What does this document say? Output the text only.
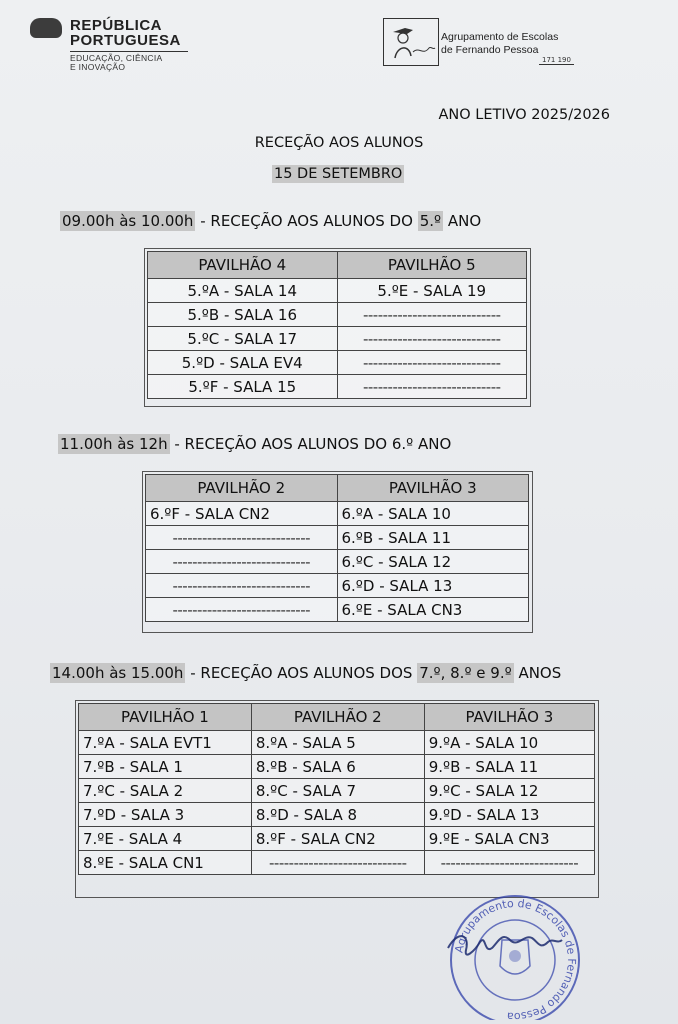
REPÚBLICA
PORTUGUESA
EDUCAÇÃO, CIÊNCIA
E INOVAÇÃO
Agrupamento de Escolas
de Fernando Pessoa
171 190
ANO LETIVO 2025/2026
RECEÇÃO AOS ALUNOS
15 DE SETEMBRO
09.00h às 10.00h - RECEÇÃO AOS ALUNOS DO 5.º ANO
PAVILHÃO 4	PAVILHÃO 5
5.ºA - SALA 14	5.ºE - SALA 19
5.ºB - SALA 16	----------------------------
5.ºC - SALA 17	----------------------------
5.ºD - SALA EV4	----------------------------
5.ºF - SALA 15	----------------------------
11.00h às 12h - RECEÇÃO AOS ALUNOS DO 6.º ANO
PAVILHÃO 2	PAVILHÃO 3
6.ºF - SALA CN2	6.ºA - SALA 10
----------------------------	6.ºB - SALA 11
----------------------------	6.ºC - SALA 12
----------------------------	6.ºD - SALA 13
----------------------------	6.ºE - SALA CN3
14.00h às 15.00h - RECEÇÃO AOS ALUNOS DOS 7.º, 8.º e 9.º ANOS
PAVILHÃO 1	PAVILHÃO 2	PAVILHÃO 3
7.ºA - SALA EVT1	8.ºA - SALA 5	9.ºA - SALA 10
7.ºB - SALA 1	8.ºB - SALA 6	9.ºB - SALA 11
7.ºC - SALA 2	8.ºC - SALA 7	9.ºC - SALA 12
7.ºD - SALA 3	8.ºD - SALA 8	9.ºD - SALA 13
7.ºE - SALA 4	8.ºF - SALA CN2	9.ºE - SALA CN3
8.ºE - SALA CN1	----------------------------	----------------------------
Agrupamento de Escolas de Fernando Pessoa
